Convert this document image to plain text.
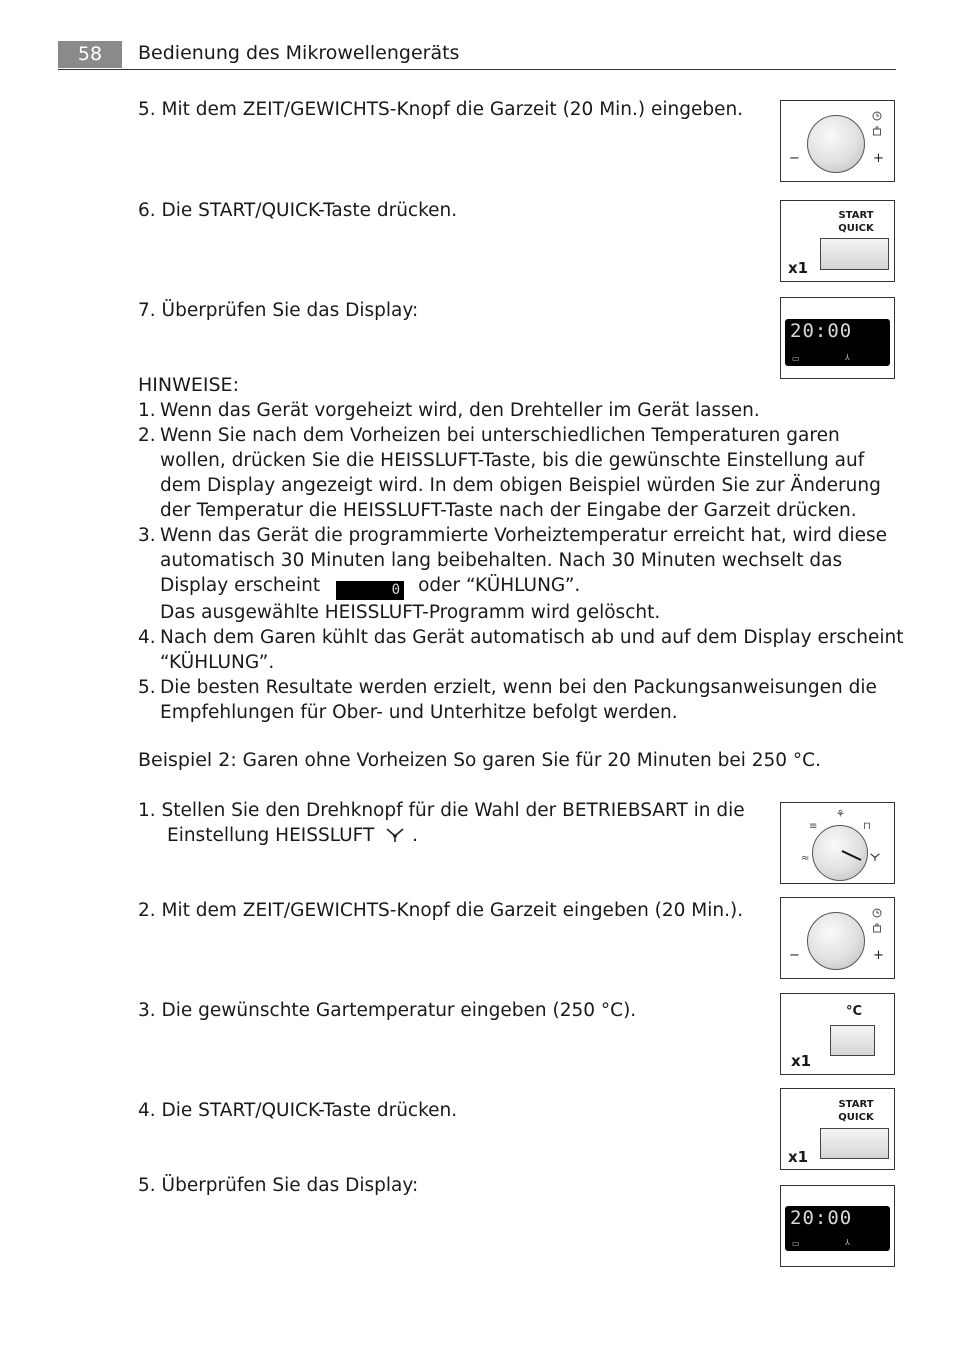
58	Bedienung des Mikrowellengeräts
5. Mit dem ZEIT/GEWICHTS-Knopf die Garzeit (20 Min.) eingeben.
6. Die START/QUICK-Taste drücken.
7. Überprüfen Sie das Display:
HINWEISE:
1. Wenn das Gerät vorgeheizt wird, den Drehteller im Gerät lassen.
2. Wenn Sie nach dem Vorheizen bei unterschiedlichen Temperaturen garen wollen, drücken Sie die HEISSLUFT-Taste, bis die gewünschte Einstellung auf dem Display angezeigt wird. In dem obigen Beispiel würden Sie zur Änderung der Temperatur die HEISSLUFT-Taste nach der Eingabe der Garzeit drücken.
3. Wenn das Gerät die programmierte Vorheiztemperatur erreicht hat, wird diese automatisch 30 Minuten lang beibehalten. Nach 30 Minuten wechselt das Display erscheint	0 oder “KÜHLUNG”.
Das ausgewählte HEISSLUFT-Programm wird gelöscht.
4. Nach dem Garen kühlt das Gerät automatisch ab und auf dem Display erscheint “KÜHLUNG”.
5. Die besten Resultate werden erzielt, wenn bei den Packungsanweisungen die Empfehlungen für Ober- und Unterhitze befolgt werden.
Beispiel 2: Garen ohne Vorheizen So garen Sie für 20 Minuten bei 250 °C.
1. Stellen Sie den Drehknopf für die Wahl der BETRIEBSART in die
Einstellung HEISSLUFT .
2. Mit dem ZEIT/GEWICHTS-Knopf die Garzeit eingeben (20 Min.).
3. Die gewünschte Gartemperatur eingeben (250 °C).
4. Die START/QUICK-Taste drücken.
5. Überprüfen Sie das Display:
−	+
START
QUICK
x1
20:00
▭	⅄
≡
⚘
⊓
≈
−	+
°C
x1
START
QUICK
x1
20:00
▭	⅄
